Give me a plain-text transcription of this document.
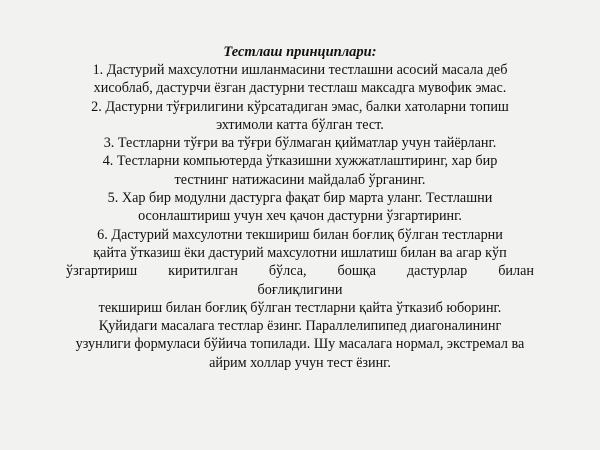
Тестлаш принциплари:

1. Дастурий махсулотни ишланмасини тестлашни асосий масала деб
хисоблаб, дастурчи ёзган дастурни тестлаш максадга мувофик эмас.
2. Дастурни тўғрилигини кўрсатадиган эмас, балки хатоларни топиш
эхтимоли катта бўлган тест.
3. Тестларни тўғри ва тўғри бўлмаган қийматлар учун тайёрланг.
4. Тестларни компьютерда ўтказишни хужжатлаштиринг, хар бир
тестнинг натижасини майдалаб ўрганинг.
5. Хар бир модулни дастурга фақат бир марта уланг. Тестлашни
осонлаштириш учун хеч қачон дастурни ўзгартиринг.
6. Дастурий махсулотни текшириш билан боғлиқ бўлган тестларни
қайта ўтказиш ёки дастурий махсулотни ишлатиш билан ва агар кўп
ўзгартириш киритилган бўлса, бошқа дастурлар билан
боғлиқлигини
текшириш билан боғлиқ бўлган тестларни қайта ўтказиб юборинг.
Қуйидаги масалага тестлар ёзинг. Параллелипипед диагоналининг
узунлиги формуласи бўйича топилади. Шу масалага нормал, экстремал ва
айрим холлар учун тест ёзинг.
